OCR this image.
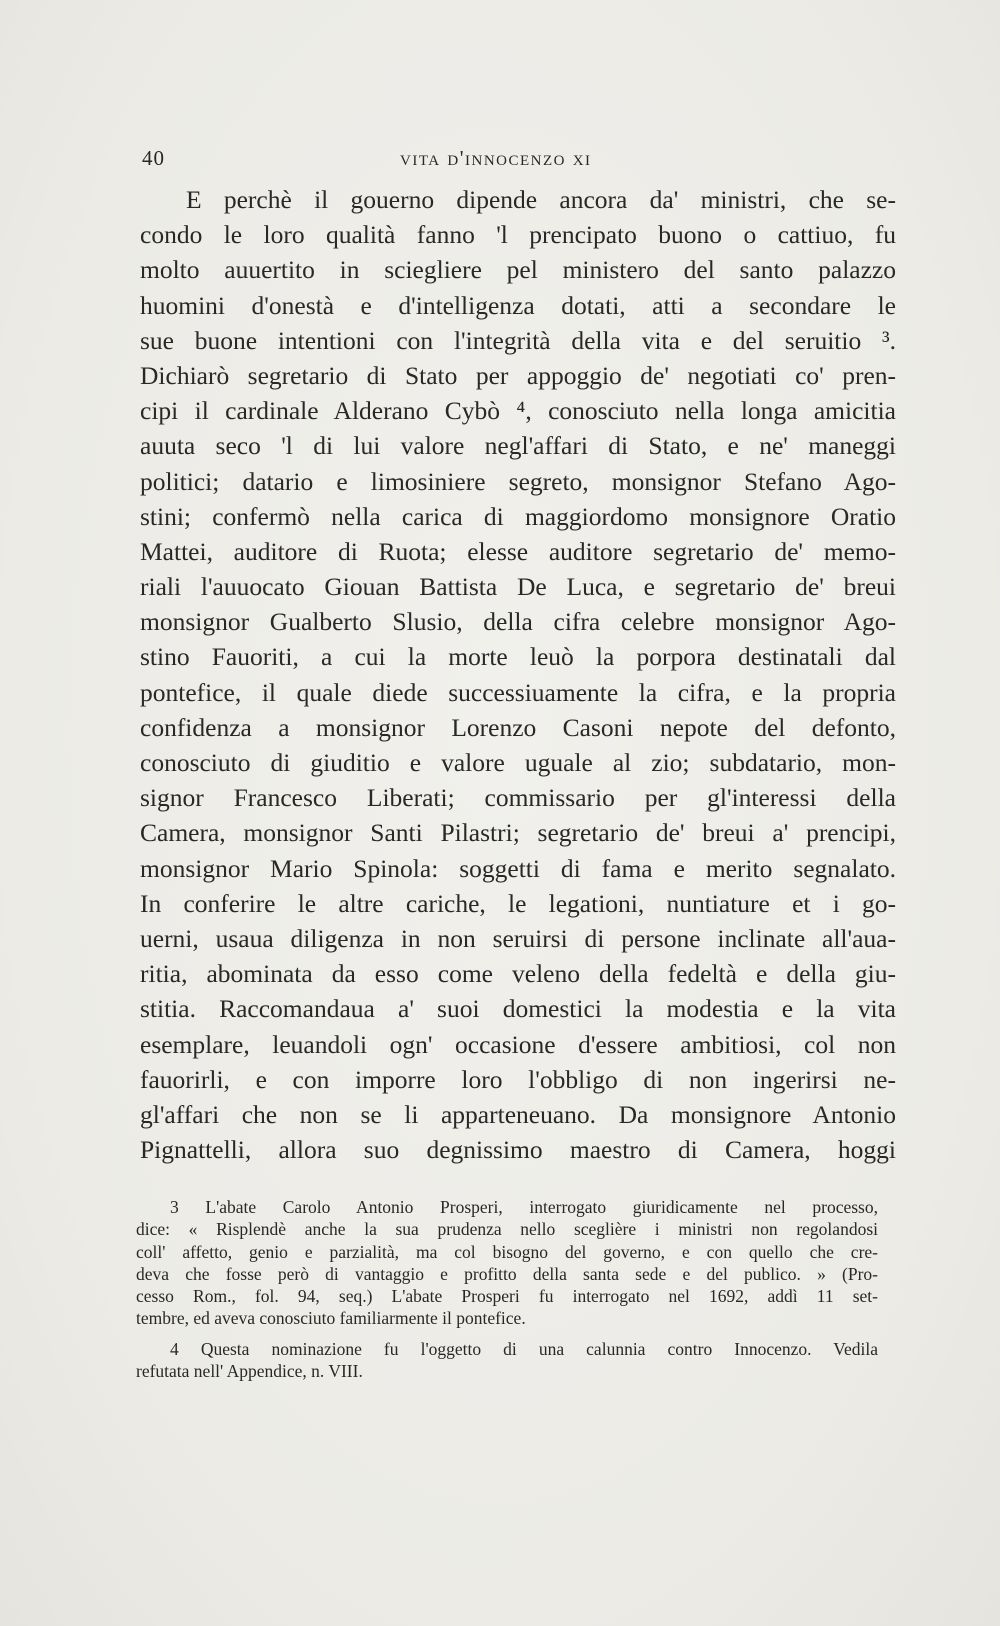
40	vita d'innocenzo xi
E perchè il gouerno dipende ancora da' ministri, che se-
condo le loro qualità fanno 'l prencipato buono o cattiuo, fu
molto auuertito in sciegliere pel ministero del santo palazzo
huomini d'onestà e d'intelligenza dotati, atti a secondare le
sue buone intentioni con l'integrità della vita e del seruitio ³.
Dichiarò segretario di Stato per appoggio de' negotiati co' pren-
cipi il cardinale Alderano Cybò ⁴, conosciuto nella longa amicitia
auuta seco 'l di lui valore negl'affari di Stato, e ne' maneggi
politici; datario e limosiniere segreto, monsignor Stefano Ago-
stini; confermò nella carica di maggiordomo monsignore Oratio
Mattei, auditore di Ruota; elesse auditore segretario de' memo-
riali l'auuocato Giouan Battista De Luca, e segretario de' breui
monsignor Gualberto Slusio, della cifra celebre monsignor Ago-
stino Fauoriti, a cui la morte leuò la porpora destinatali dal
pontefice, il quale diede successiuamente la cifra, e la propria
confidenza a monsignor Lorenzo Casoni nepote del defonto,
conosciuto di giuditio e valore uguale al zio; subdatario, mon-
signor Francesco Liberati; commissario per gl'interessi della
Camera, monsignor Santi Pilastri; segretario de' breui a' prencipi,
monsignor Mario Spinola: soggetti di fama e merito segnalato.
In conferire le altre cariche, le legationi, nuntiature et i go-
uerni, usaua diligenza in non seruirsi di persone inclinate all'aua-
ritia, abominata da esso come veleno della fedeltà e della giu-
stitia. Raccomandaua a' suoi domestici la modestia e la vita
esemplare, leuandoli ogn' occasione d'essere ambitiosi, col non
fauorirli, e con imporre loro l'obbligo di non ingerirsi ne-
gl'affari che non se li apparteneuano. Da monsignore Antonio
Pignattelli, allora suo degnissimo maestro di Camera, hoggi
3 L'abate Carolo Antonio Prosperi, interrogato giuridicamente nel processo,
dice: « Risplendè anche la sua prudenza nello sceglière i ministri non regolandosi
coll' affetto, genio e parzialità, ma col bisogno del governo, e con quello che cre-
deva che fosse però di vantaggio e profitto della santa sede e del publico. » (Pro-
cesso Rom., fol. 94, seq.) L'abate Prosperi fu interrogato nel 1692, addì 11 set-
tembre, ed aveva conosciuto familiarmente il pontefice.
4 Questa nominazione fu l'oggetto di una calunnia contro Innocenzo. Vedila
refutata nell' Appendice, n. VIII.
